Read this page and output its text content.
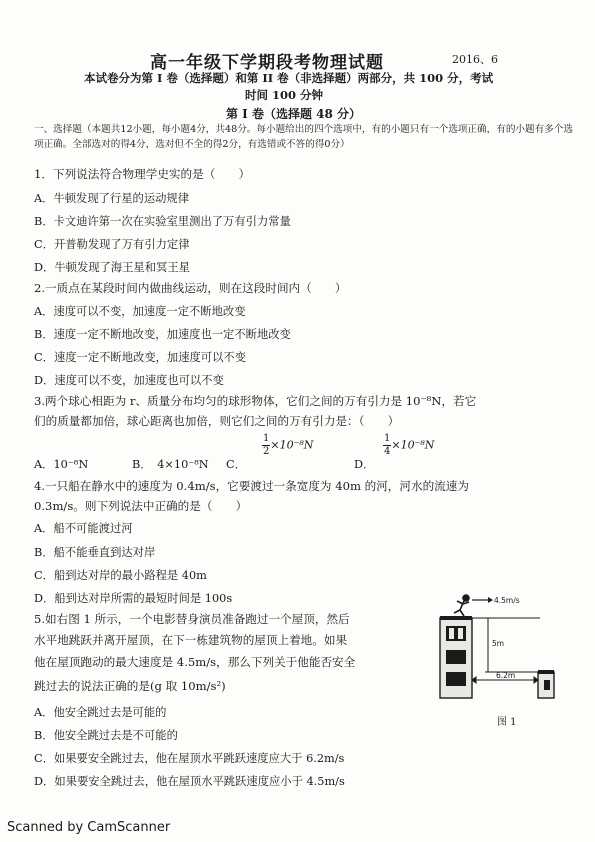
高一年级下学期段考物理试题	2016、6
本试卷分为第 I 卷（选择题）和第 II 卷（非选择题）两部分，共 100 分，考试
时间 100 分钟
第 I 卷（选择题 48 分）
一、选择题（本题共12小题，每小题4分，共48分。每小题给出的四个选项中，有的小题只有一个选项正确，有的小题有多个选项正确。全部选对的得4分，选对但不全的得2分，有选错或不答的得0分）
1．下列说法符合物理学史实的是（　　）
A．牛顿发现了行星的运动规律
B．卡文迪许第一次在实验室里测出了万有引力常量
C．开普勒发现了万有引力定律
D．牛顿发现了海王星和冥王星
2.一质点在某段时间内做曲线运动，则在这段时间内（　　）
A．速度可以不变，加速度一定不断地改变
B．速度一定不断地改变，加速度也一定不断地改变
C．速度一定不断地改变，加速度可以不变
D．速度可以不变，加速度也可以不变
3.两个球心相距为 r、质量分布均匀的球形物体，它们之间的万有引力是 10⁻⁸N，若它
们的质量都加倍，球心距离也加倍，则它们之间的万有引力是：（　　）
A．10⁻⁸N	B．　4×10⁻⁸N C．
$\frac{1}{2} \times 10^{-8}N$
D．
$\frac{1}{4} \times 10^{-8}N$
4.一只船在静水中的速度为 0.4m/s，它要渡过一条宽度为 40m 的河，河水的流速为
0.3m/s。则下列说法中正确的是（　　）
A．船不可能渡过河
B．船不能垂直到达对岸
C．船到达对岸的最小路程是 40m
D．船到达对岸所需的最短时间是 100s
5.如右图 1 所示，一个电影替身演员准备跑过一个屋顶，然后
水平地跳跃并离开屋顶，在下一栋建筑物的屋顶上着地。如果
他在屋顶跑动的最大速度是 4.5m/s，那么下列关于他能否安全
跳过去的说法正确的是(g 取 10m/s²)
A．他安全跳过去是可能的
B．他安全跳过去是不可能的
C．如果要安全跳过去，他在屋顶水平跳跃速度应大于 6.2m/s
D．如果要安全跳过去，他在屋顶水平跳跃速度应小于 4.5m/s
4.5m/s
5m
6.2m
图 1
Scanned by CamScanner
